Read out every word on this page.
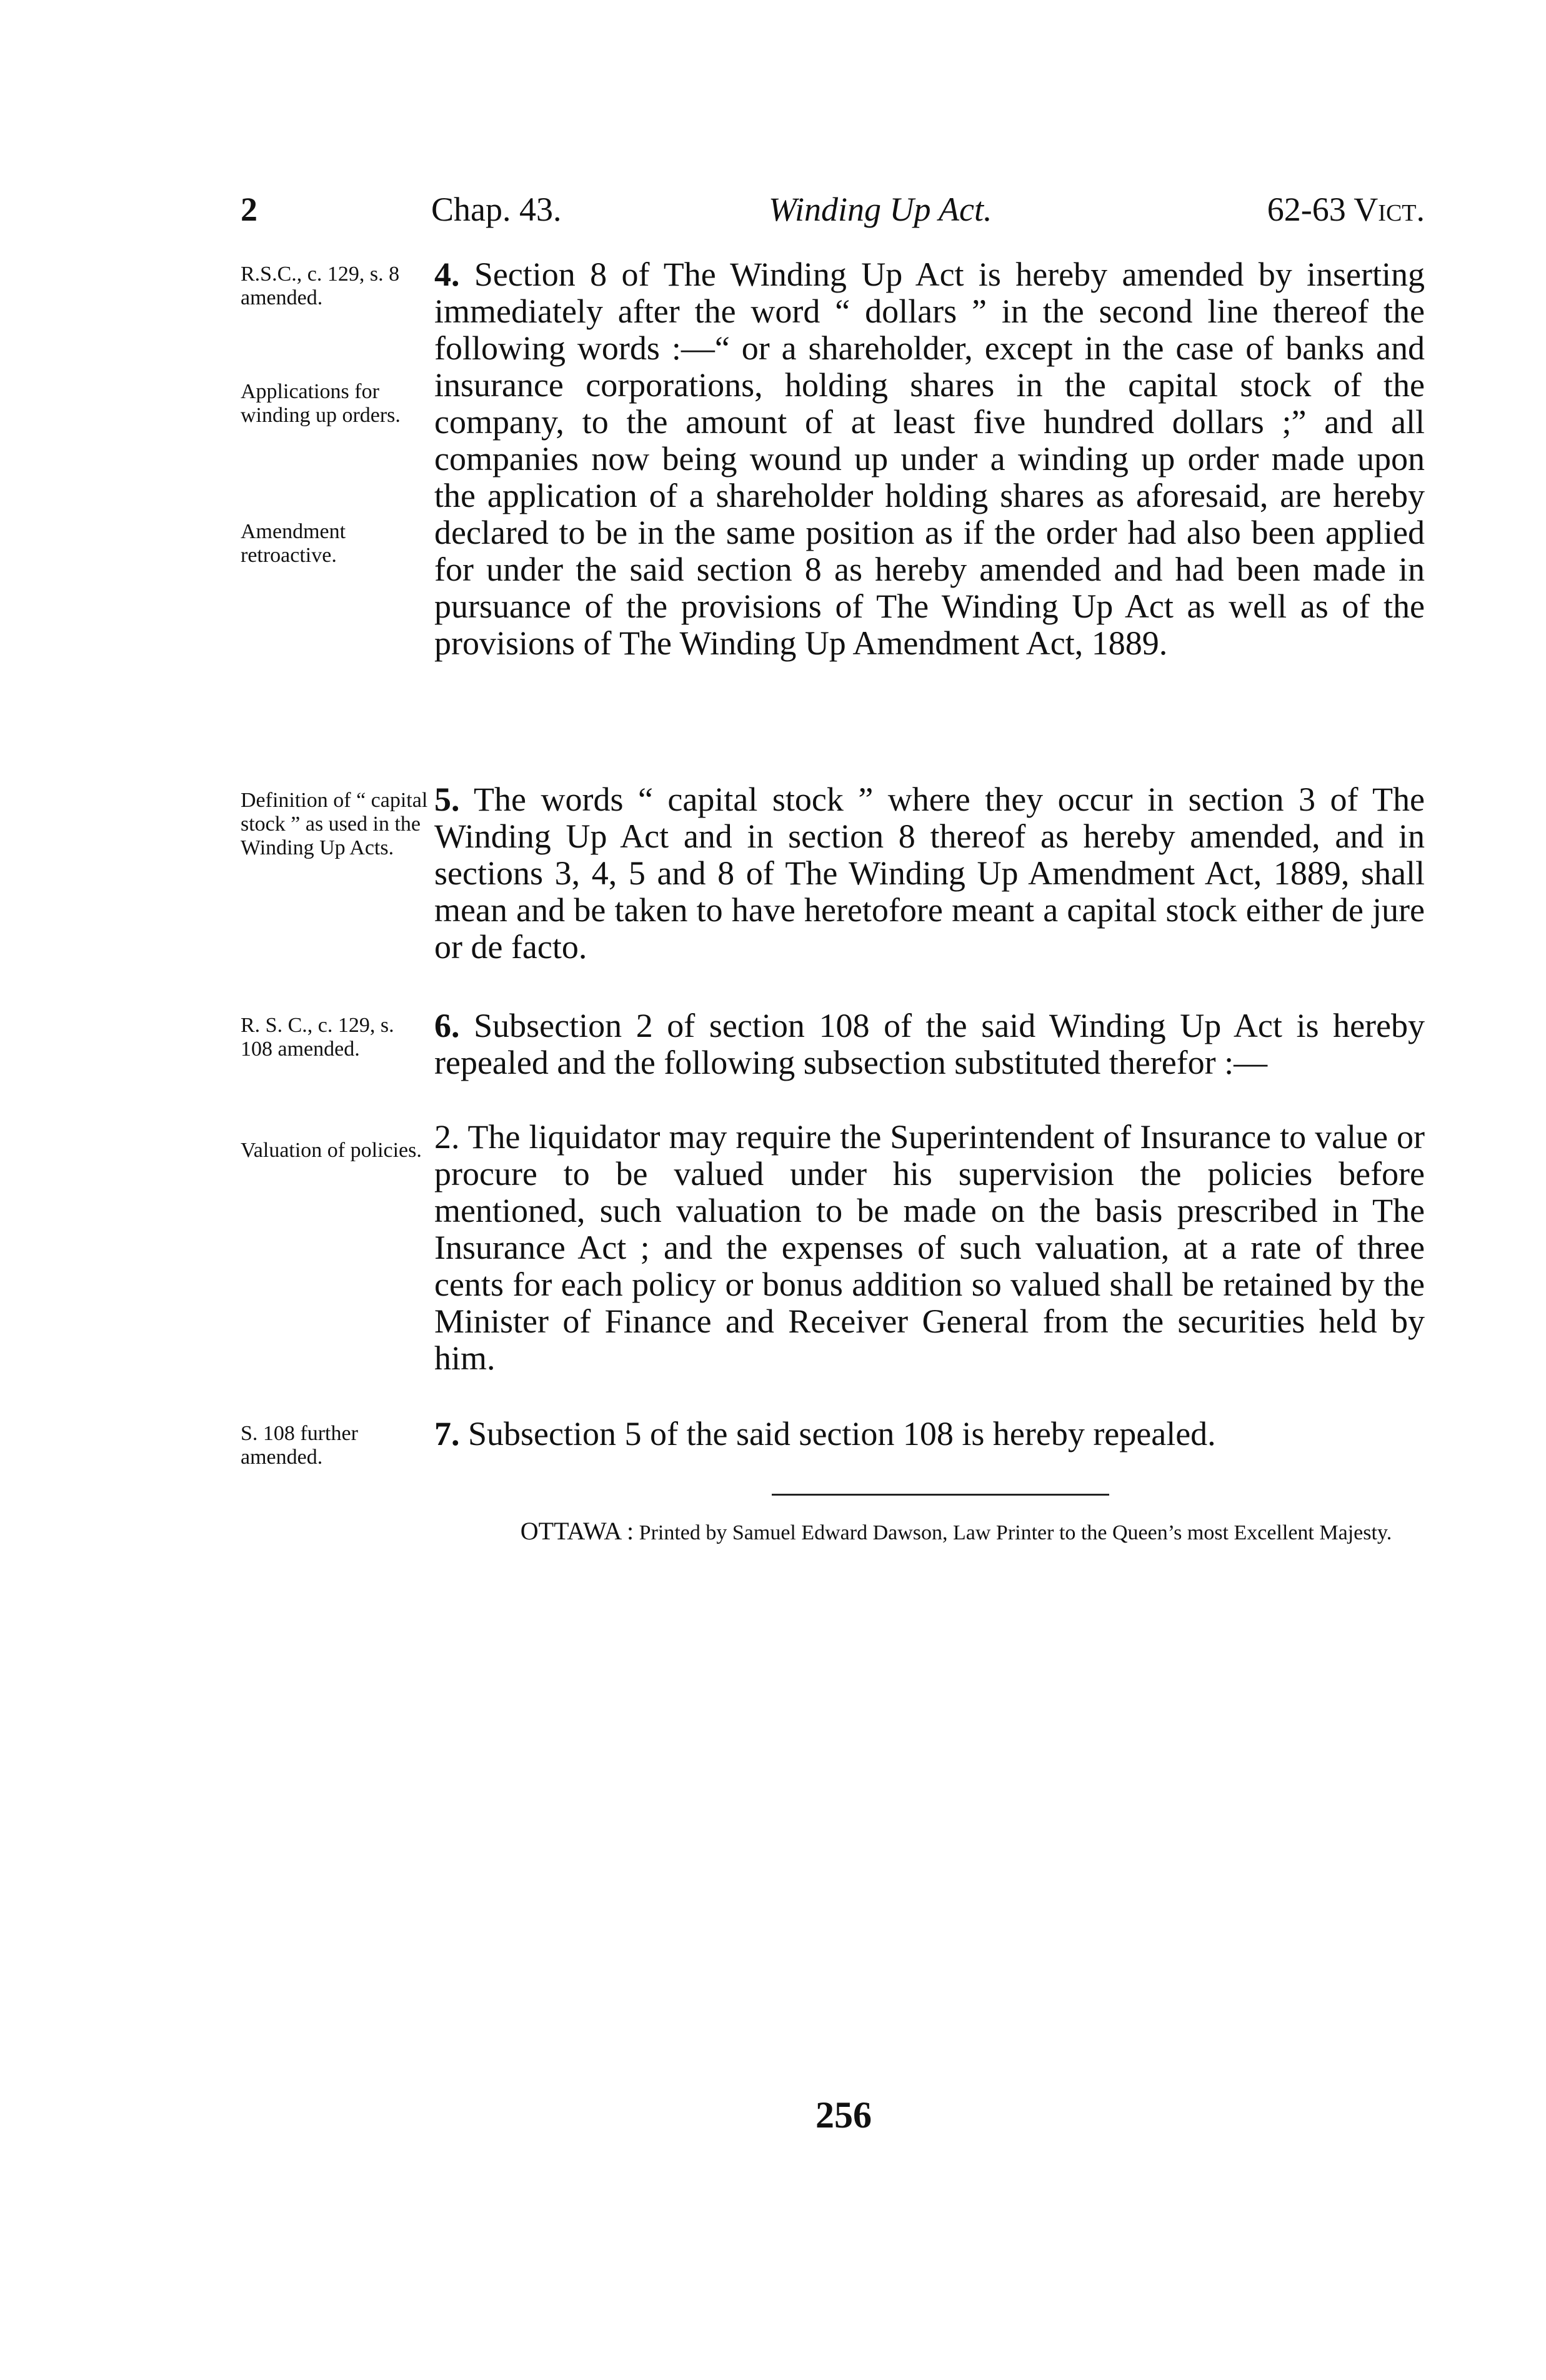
2	Chap. 43.	Winding Up Act.	62-63 Vict.
R.S.C., c. 129, s. 8 amended.
Applications for winding up orders.
Amendment retroactive.
4. Section 8 of The Winding Up Act is hereby amended by inserting immediately after the word “ dollars ” in the second line thereof the following words :—“ or a shareholder, except in the case of banks and insurance corporations, holding shares in the capital stock of the company, to the amount of at least five hundred dollars ;” and all companies now being wound up under a winding up order made upon the application of a shareholder holding shares as aforesaid, are hereby declared to be in the same position as if the order had also been applied for under the said section 8 as hereby amended and had been made in pursuance of the provisions of The Winding Up Act as well as of the provisions of The Winding Up Amendment Act, 1889.
Definition of “ capital stock ” as used in the Winding Up Acts.
5. The words “ capital stock ” where they occur in section 3 of The Winding Up Act and in section 8 thereof as hereby amended, and in sections 3, 4, 5 and 8 of The Winding Up Amendment Act, 1889, shall mean and be taken to have heretofore meant a capital stock either de jure or de facto.
R. S. C., c. 129, s. 108 amended.
Valuation of policies.
6. Subsection 2 of section 108 of the said Winding Up Act is hereby repealed and the following subsection substituted therefor :—
2. The liquidator may require the Superintendent of Insurance to value or procure to be valued under his supervision the policies before mentioned, such valuation to be made on the basis prescribed in The Insurance Act ; and the expenses of such valuation, at a rate of three cents for each policy or bonus addition so valued shall be retained by the Minister of Finance and Receiver General from the securities held by him.
S. 108 further amended.
7. Subsection 5 of the said section 108 is hereby repealed.
OTTAWA : Printed by Samuel Edward Dawson, Law Printer to the Queen’s most Excellent Majesty.
256
